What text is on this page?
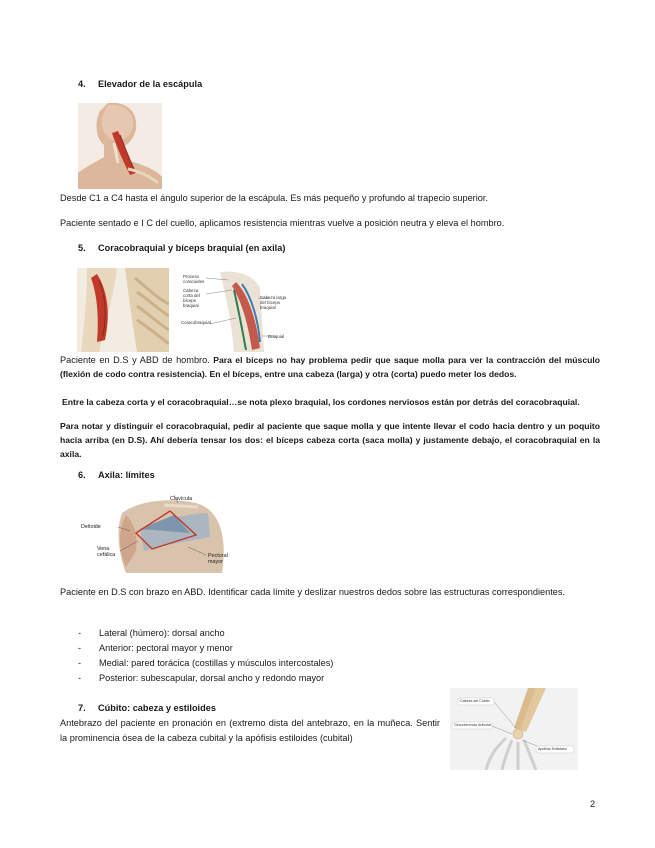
4. Elevador de la escápula
Desde C1 a C4 hasta el ángulo superior de la escápula. Es más pequeño y profundo al trapecio superior.
Paciente sentado e I C del cuello, aplicamos resistencia mientras vuelve a posición neutra y eleva el hombro.
5. Coracobraquial y bíceps braquial (en axila)
Proceso coracoides
Cabeza corta del bíceps braquial
Cabeza larga del bíceps braquial
Coracobraquial
Braquial
Paciente en D.S y ABD de hombro. Para el bíceps no hay problema pedir que saque molla para ver la contracción del músculo (flexión de codo contra resistencia). En el bíceps, entre una cabeza (larga) y otra (corta) puedo meter los dedos.
Entre la cabeza corta y el coracobraquial…se nota plexo braquial, los cordones nerviosos están por detrás del coracobraquial.
Para notar y distinguir el coracobraquial, pedir al paciente que saque molla y que intente llevar el codo hacia dentro y un poquito hacia arriba (en D.S). Ahí debería tensar los dos: el bíceps cabeza corta (saca molla) y justamente debajo, el coracobraquial en la axila.
6. Axila: límites
Clavícula
Deltoide
Vena cefálica	Pectoral mayor
Paciente en D.S con brazo en ABD. Identificar cada límite y deslizar nuestros dedos sobre las estructuras correspondientes.
- Lateral (húmero): dorsal ancho
- Anterior: pectoral mayor y menor
- Medial: pared torácica (costillas y músculos intercostales)
- Posterior: subescapular, dorsal ancho y redondo mayor
7. Cúbito: cabeza y estiloides
Antebrazo del paciente en pronación en (extremo dista del antebrazo, en la muñeca. Sentir la prominencia ósea de la cabeza cubital y la apófisis estiloides (cubital)
Cabeza del Cúbito
Circunferencia Articular
Apófisis Estiloides
2
